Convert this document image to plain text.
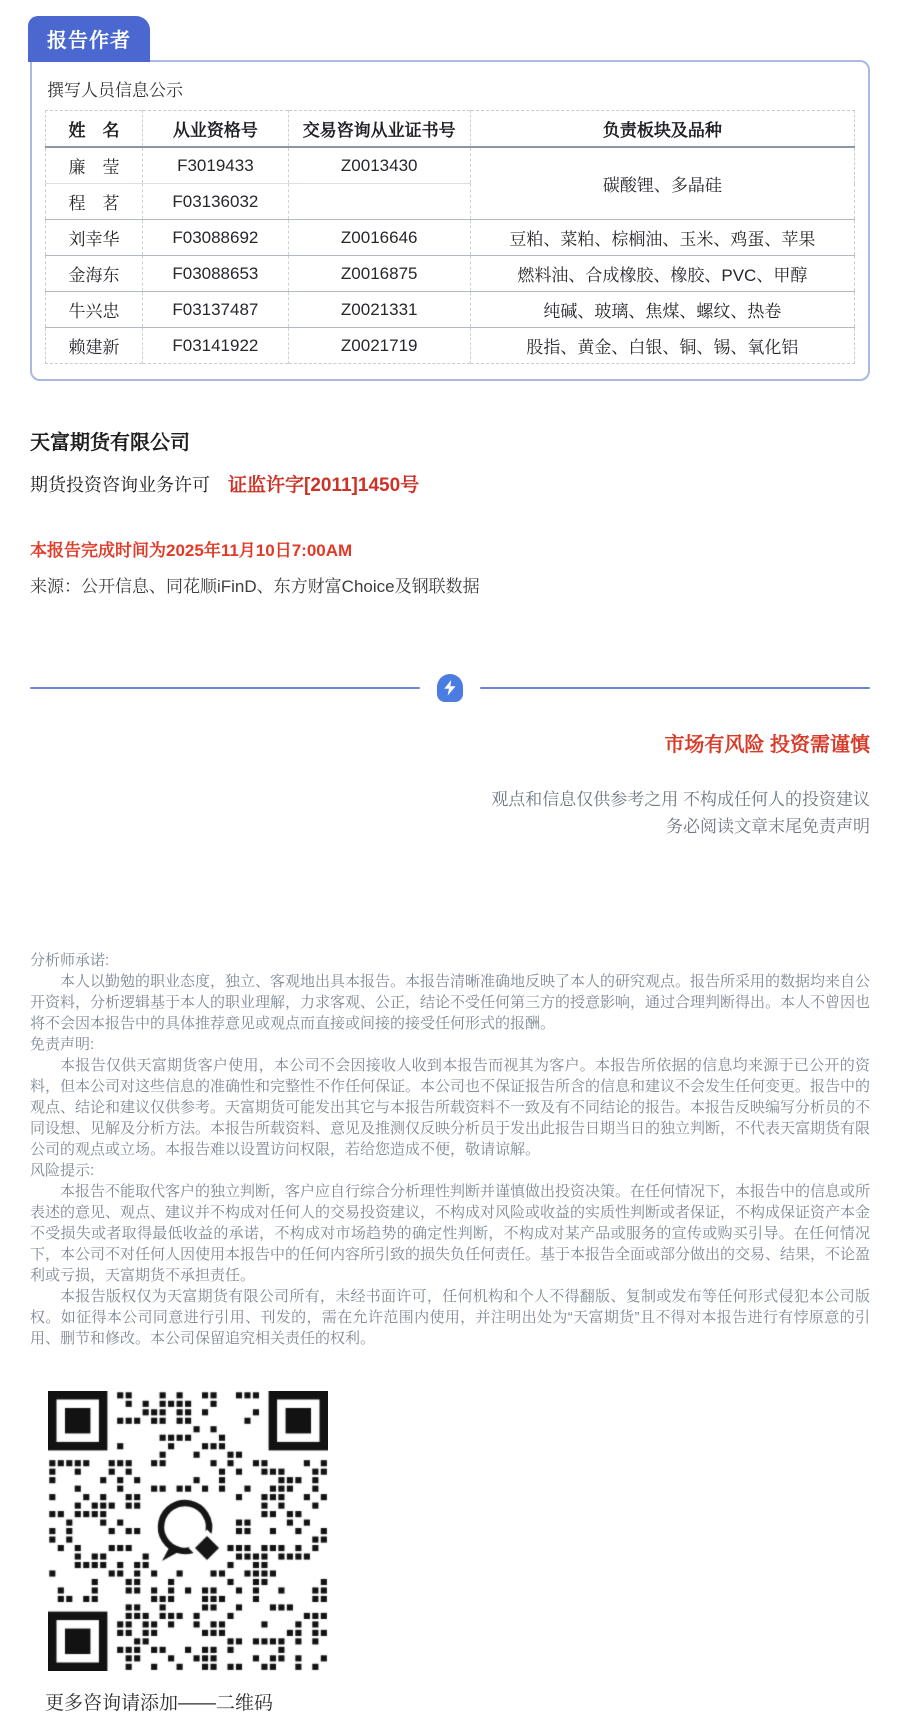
报告作者
撰写人员信息公示
姓　名	从业资格号	交易咨询从业证书号	负责板块及品种
廉　莹	F3019433	Z0013430	碳酸锂、多晶硅
程　茗	F03136032		
刘幸华	F03088692	Z0016646	豆粕、菜粕、棕榈油、玉米、鸡蛋、苹果
金海东	F03088653	Z0016875	燃料油、合成橡胶、橡胶、PVC、甲醇
牛兴忠	F03137487	Z0021331	纯碱、玻璃、焦煤、螺纹、热卷
赖建新	F03141922	Z0021719	股指、黄金、白银、铜、锡、氧化铝
天富期货有限公司
期货投资咨询业务许可 证监许字[2011]1450号
本报告完成时间为2025年11月10日7:00AM
来源：公开信息、同花顺iFinD、东方财富Choice及钢联数据
市场有风险 投资需谨慎
观点和信息仅供参考之用 不构成任何人的投资建议
务必阅读文章末尾免责声明
分析师承诺:
本人以勤勉的职业态度，独立、客观地出具本报告。本报告清晰准确地反映了本人的研究观点。报告所采用的数据均来自公开资料，分析逻辑基于本人的职业理解，力求客观、公正，结论不受任何第三方的授意影响，通过合理判断得出。本人不曾因也将不会因本报告中的具体推荐意见或观点而直接或间接的接受任何形式的报酬。
免责声明:
本报告仅供天富期货客户使用，本公司不会因接收人收到本报告而视其为客户。本报告所依据的信息均来源于已公开的资料，但本公司对这些信息的准确性和完整性不作任何保证。本公司也不保证报告所含的信息和建议不会发生任何变更。报告中的观点、结论和建议仅供参考。天富期货可能发出其它与本报告所载资料不一致及有不同结论的报告。本报告反映编写分析员的不同设想、见解及分析方法。本报告所载资料、意见及推测仅反映分析员于发出此报告日期当日的独立判断，不代表天富期货有限公司的观点或立场。本报告难以设置访问权限，若给您造成不便，敬请谅解。
风险提示:
本报告不能取代客户的独立判断，客户应自行综合分析理性判断并谨慎做出投资决策。在任何情况下，本报告中的信息或所表述的意见、观点、建议并不构成对任何人的交易投资建议，不构成对风险或收益的实质性判断或者保证，不构成保证资产本金不受损失或者取得最低收益的承诺，不构成对市场趋势的确定性判断，不构成对某产品或服务的宣传或购买引导。在任何情况下，本公司不对任何人因使用本报告中的任何内容所引致的损失负任何责任。基于本报告全面或部分做出的交易、结果，不论盈利或亏损，天富期货不承担责任。
本报告版权仅为天富期货有限公司所有，未经书面许可，任何机构和个人不得翻版、复制或发布等任何形式侵犯本公司版权。如征得本公司同意进行引用、刊发的，需在允许范围内使用，并注明出处为“天富期货”且不得对本报告进行有悖原意的引用、删节和修改。本公司保留追究相关责任的权利。
更多咨询请添加——二维码
